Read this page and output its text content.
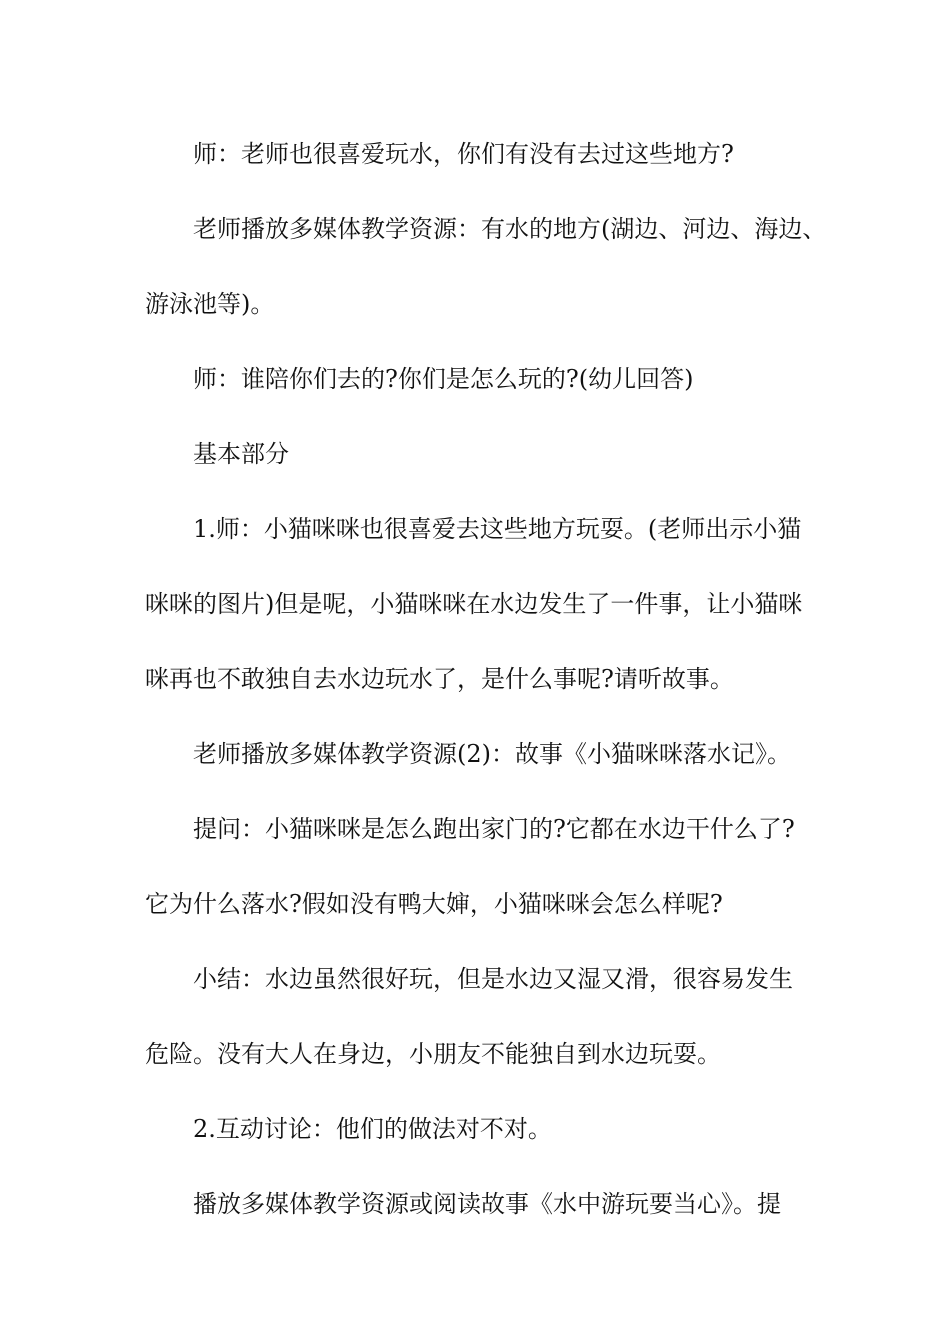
师：老师也很喜爱玩水，你们有没有去过这些地方?
老师播放多媒体教学资源：有水的地方(湖边、河边、海边、
游泳池等)。
师：谁陪你们去的?你们是怎么玩的?(幼儿回答)
基本部分
1.师：小猫咪咪也很喜爱去这些地方玩耍。(老师出示小猫
咪咪的图片)但是呢，小猫咪咪在水边发生了一件事，让小猫咪
咪再也不敢独自去水边玩水了，是什么事呢?请听故事。
老师播放多媒体教学资源(2)：故事《小猫咪咪落水记》。
提问：小猫咪咪是怎么跑出家门的?它都在水边干什么了?
它为什么落水?假如没有鸭大婶，小猫咪咪会怎么样呢?
小结：水边虽然很好玩，但是水边又湿又滑，很容易发生
危险。没有大人在身边，小朋友不能独自到水边玩耍。
2.互动讨论：他们的做法对不对。
播放多媒体教学资源或阅读故事《水中游玩要当心》。提
